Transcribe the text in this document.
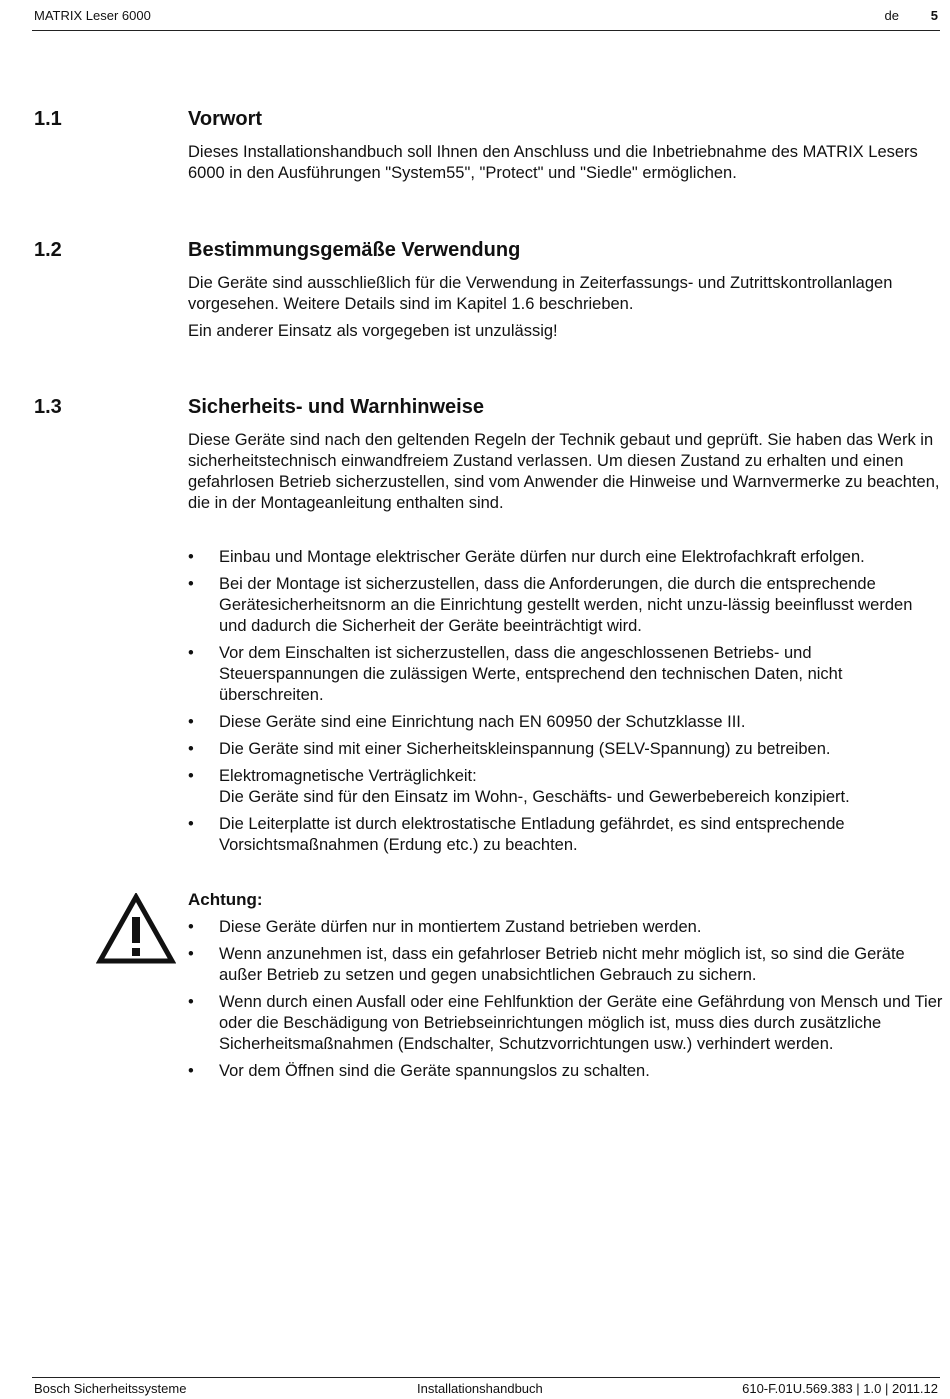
MATRIX Leser 6000	de 5
1.1	Vorwort

Dieses Installationshandbuch soll Ihnen den Anschluss und die Inbetriebnahme des MATRIX Lesers 6000 in den Ausführungen "System55", "Protect" und "Siedle" ermöglichen.

1.2	Bestimmungsgemäße Verwendung

Die Geräte sind ausschließlich für die Verwendung in Zeiterfassungs- und Zutrittskontrollanlagen vorgesehen. Weitere Details sind im Kapitel 1.6 beschrieben.

Ein anderer Einsatz als vorgegeben ist unzulässig!

1.3	Sicherheits- und Warnhinweise

Diese Geräte sind nach den geltenden Regeln der Technik gebaut und geprüft. Sie haben das Werk in sicherheitstechnisch einwandfreiem Zustand verlassen. Um diesen Zustand zu erhalten und einen gefahrlosen Betrieb sicherzustellen, sind vom Anwender die Hinweise und Warnvermerke zu beachten, die in der Montageanleitung enthalten sind.

• Einbau und Montage elektrischer Geräte dürfen nur durch eine Elektrofachkraft erfolgen.
• Bei der Montage ist sicherzustellen, dass die Anforderungen, die durch die entsprechende Gerätesicherheitsnorm an die Einrichtung gestellt werden, nicht unzu-lässig beeinflusst werden und dadurch die Sicherheit der Geräte beeinträchtigt wird.
• Vor dem Einschalten ist sicherzustellen, dass die angeschlossenen Betriebs- und Steuerspannungen die zulässigen Werte, entsprechend den technischen Daten, nicht überschreiten.
• Diese Geräte sind eine Einrichtung nach EN 60950 der Schutzklasse III.
• Die Geräte sind mit einer Sicherheitskleinspannung (SELV-Spannung) zu betreiben.
• Elektromagnetische Verträglichkeit:
Die Geräte sind für den Einsatz im Wohn-, Geschäfts- und Gewerbebereich konzipiert.
• Die Leiterplatte ist durch elektrostatische Entladung gefährdet, es sind entsprechende Vorsichtsmaßnahmen (Erdung etc.) zu beachten.
Achtung:
• Diese Geräte dürfen nur in montiertem Zustand betrieben werden.
• Wenn anzunehmen ist, dass ein gefahrloser Betrieb nicht mehr möglich ist, so sind die Geräte außer Betrieb zu setzen und gegen unabsichtlichen Gebrauch zu sichern.
• Wenn durch einen Ausfall oder eine Fehlfunktion der Geräte eine Gefährdung von Mensch und Tier oder die Beschädigung von Betriebseinrichtungen möglich ist, muss dies durch zusätzliche Sicherheitsmaßnahmen (Endschalter, Schutzvorrichtungen usw.) verhindert werden.
• Vor dem Öffnen sind die Geräte spannungslos zu schalten.
Bosch Sicherheitssysteme	Installationshandbuch	610-F.01U.569.383 | 1.0 | 2011.12
